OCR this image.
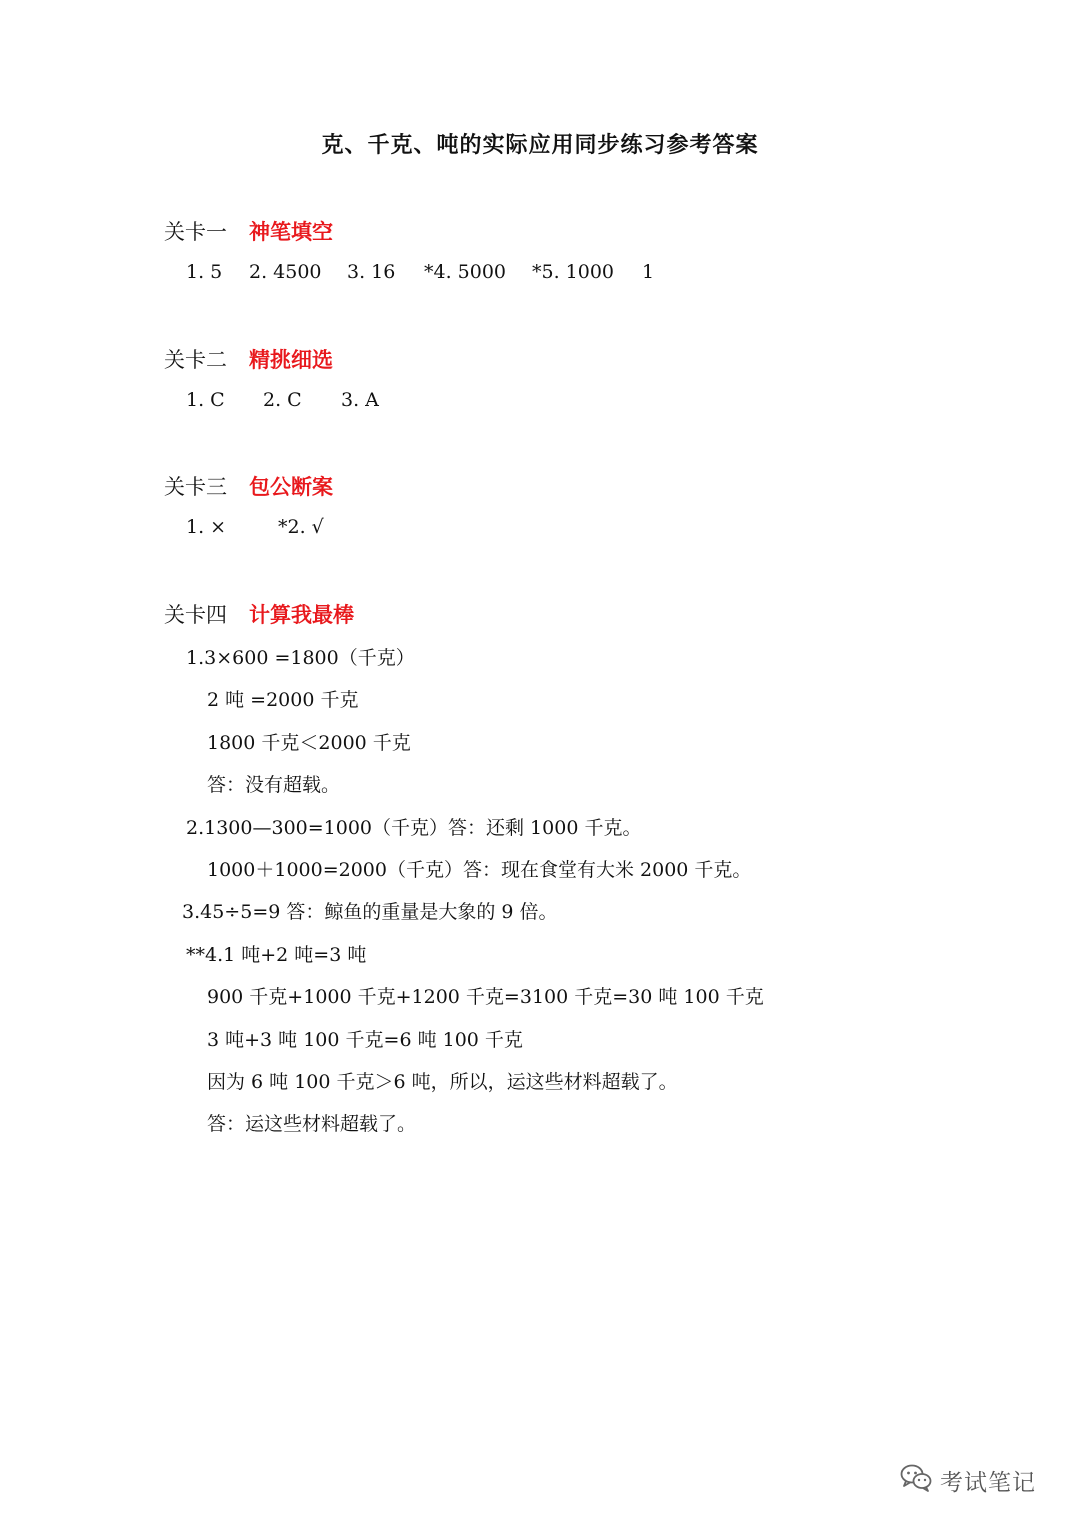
克、千克、吨的实际应用同步练习参考答案
关卡一 神笔填空
1. 5 2. 4500 3. 16 *4. 5000 *5. 1000 1
关卡二 精挑细选
1. C 2. C 3. A
关卡三 包公断案
1. ×	*2. √
关卡四 计算我最棒
1.3×600 =1800（千克）
2 吨 =2000 千克
1800 千克＜2000 千克
答：没有超载。
2.1300—300=1000（千克）答：还剩 1000 千克。
1000＋1000=2000（千克）答：现在食堂有大米 2000 千克。
3.45÷5=9 答：鲸鱼的重量是大象的 9 倍。
**4.1 吨+2 吨=3 吨
900 千克+1000 千克+1200 千克=3100 千克=30 吨 100 千克
3 吨+3 吨 100 千克=6 吨 100 千克
因为 6 吨 100 千克＞6 吨，所以，运这些材料超载了。
答：运这些材料超载了。
考试笔记
